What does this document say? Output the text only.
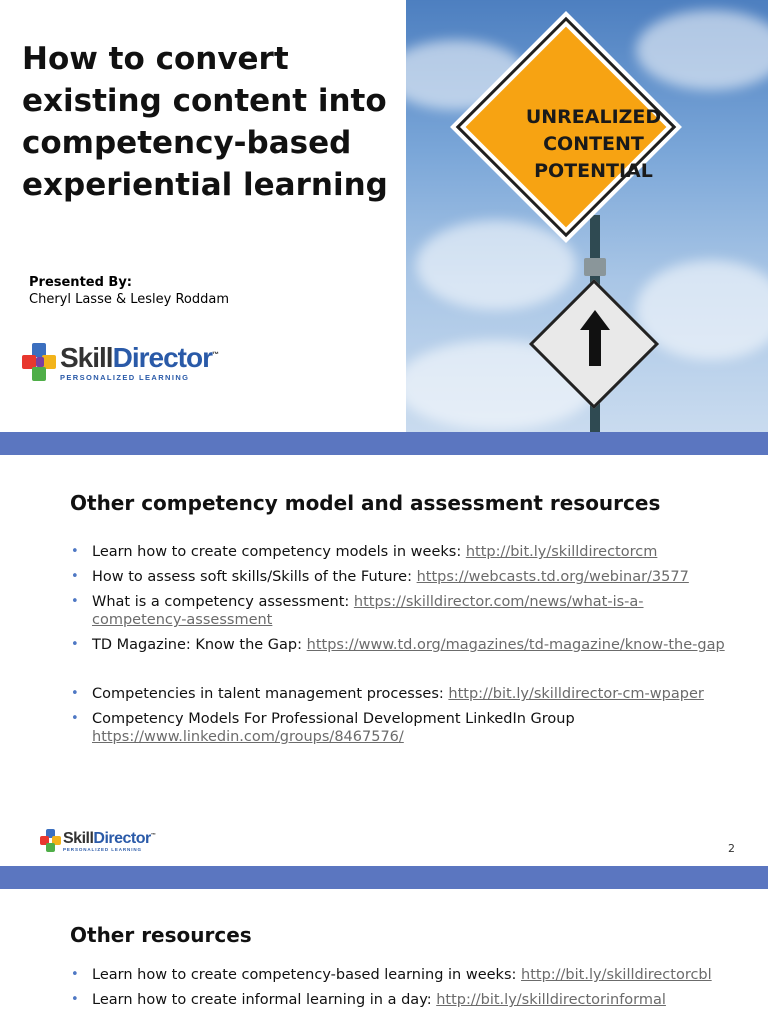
How to convert
existing content into
competency-based
experiential learning
Presented By:
Cheryl Lasse & Lesley Roddam
SkillDirector™
PERSONALIZED LEARNING
UNREALIZED
CONTENT
POTENTIAL
Other competency model and assessment resources
• Learn how to create competency models in weeks: http://bit.ly/skilldirectorcm
• How to assess soft skills/Skills of the Future: https://webcasts.td.org/webinar/3577
• What is a competency assessment: https://skilldirector.com/news/what-is-a-competency-assessment
• TD Magazine: Know the Gap: https://www.td.org/magazines/td-magazine/know-the-gap
• Competencies in talent management processes: http://bit.ly/skilldirector-cm-wpaper
• Competency Models For Professional Development LinkedIn Group
https://www.linkedin.com/groups/8467576/
SkillDirector™
PERSONALIZED LEARNING	2
Other resources
• Learn how to create competency-based learning in weeks: http://bit.ly/skilldirectorcbl
• Learn how to create informal learning in a day: http://bit.ly/skilldirectorinformal
